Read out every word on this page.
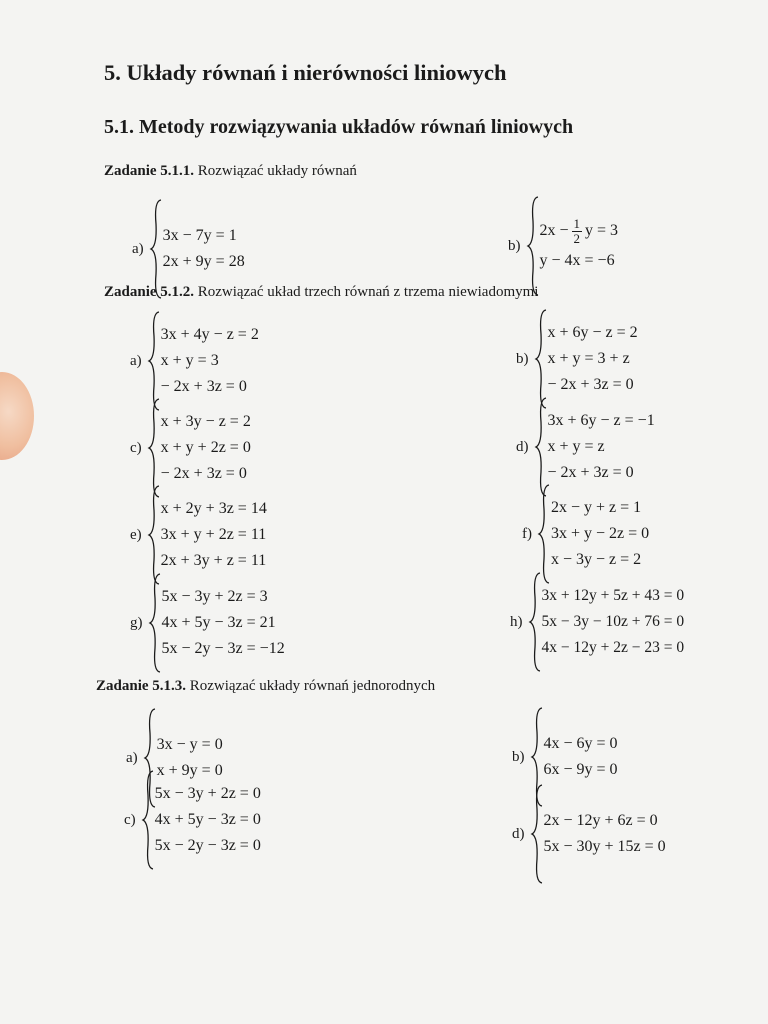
5. Układy równań i nierówności liniowych
5.1. Metody rozwiązywania układów równań liniowych
Zadanie 5.1.1. Rozwiązać układy równań
a)
3x − 7y = 1
2x + 9y = 28
b)
$2x - \frac{1}{2}$ y = 3
y − 4x = −6
Zadanie 5.1.2. Rozwiązać układ trzech równań z trzema niewiadomymi
a)
3x + 4y − z = 2
x + y = 3
− 2x + 3z = 0
b)
x + 6y − z = 2
x + y = 3 + z
− 2x + 3z = 0
c)
x + 3y − z = 2
x + y + 2z = 0
− 2x + 3z = 0
d)
3x + 6y − z = −1
x + y = z
− 2x + 3z = 0
e)
x + 2y + 3z = 14
3x + y + 2z = 11
2x + 3y + z = 11
f)
2x − y + z = 1
3x + y − 2z = 0
x − 3y − z = 2
g)
5x − 3y + 2z = 3
4x + 5y − 3z = 21
5x − 2y − 3z = −12
h)
3x + 12y + 5z + 43 = 0
5x − 3y − 10z + 76 = 0
4x − 12y + 2z − 23 = 0
Zadanie 5.1.3. Rozwiązać układy równań jednorodnych
a)
3x − y = 0
x + 9y = 0
b)
4x − 6y = 0
6x − 9y = 0
c)
5x − 3y + 2z = 0
4x + 5y − 3z = 0
5x − 2y − 3z = 0
d)
2x − 12y + 6z = 0
5x − 30y + 15z = 0
